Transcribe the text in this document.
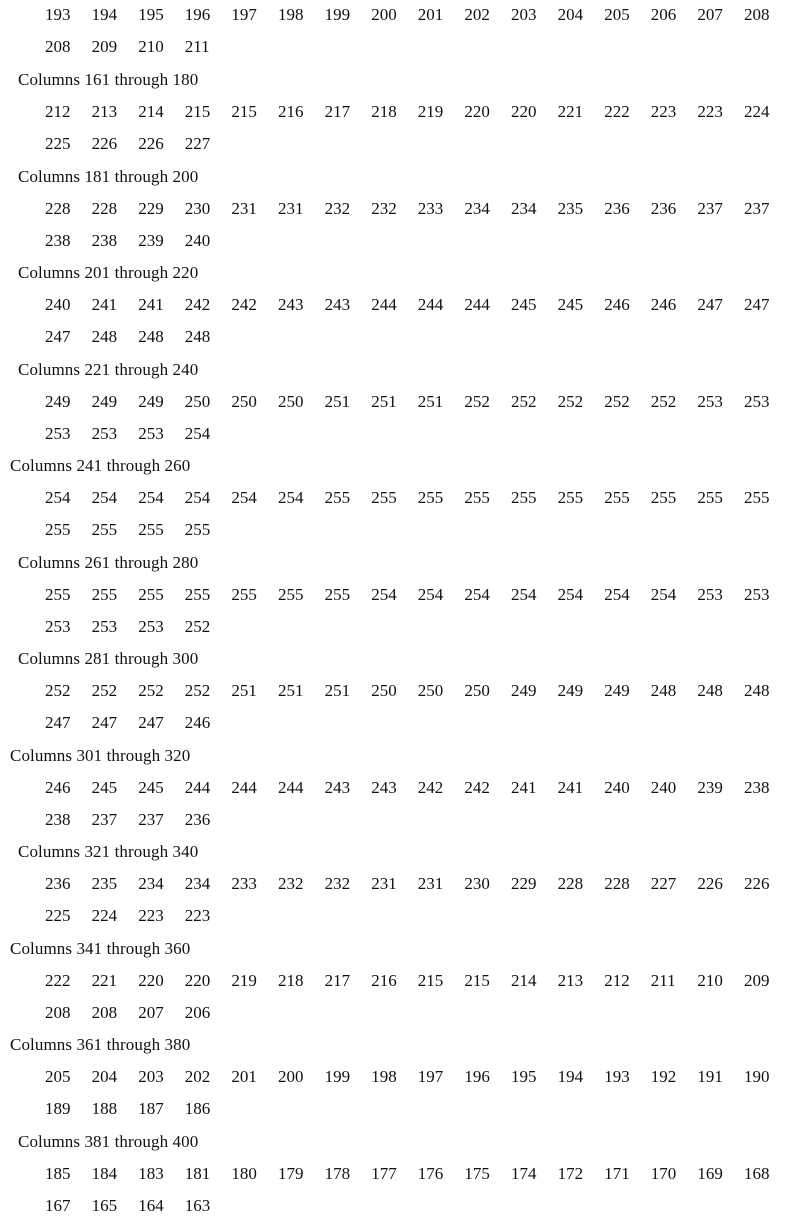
193	194	195	196	197	198	199	200	201	202	203	204	205	206	207	208
208	209	210	211
Columns 161 through 180
212	213	214	215	215	216	217	218	219	220	220	221	222	223	223	224
225	226	226	227
Columns 181 through 200
228	228	229	230	231	231	232	232	233	234	234	235	236	236	237	237
238	238	239	240
Columns 201 through 220
240	241	241	242	242	243	243	244	244	244	245	245	246	246	247	247
247	248	248	248
Columns 221 through 240
249	249	249	250	250	250	251	251	251	252	252	252	252	252	253	253
253	253	253	254
Columns 241 through 260
254	254	254	254	254	254	255	255	255	255	255	255	255	255	255	255
255	255	255	255
Columns 261 through 280
255	255	255	255	255	255	255	254	254	254	254	254	254	254	253	253
253	253	253	252
Columns 281 through 300
252	252	252	252	251	251	251	250	250	250	249	249	249	248	248	248
247	247	247	246
Columns 301 through 320
246	245	245	244	244	244	243	243	242	242	241	241	240	240	239	238
238	237	237	236
Columns 321 through 340
236	235	234	234	233	232	232	231	231	230	229	228	228	227	226	226
225	224	223	223
Columns 341 through 360
222	221	220	220	219	218	217	216	215	215	214	213	212	211	210	209
208	208	207	206
Columns 361 through 380
205	204	203	202	201	200	199	198	197	196	195	194	193	192	191	190
189	188	187	186
Columns 381 through 400
185	184	183	181	180	179	178	177	176	175	174	172	171	170	169	168
167	165	164	163
